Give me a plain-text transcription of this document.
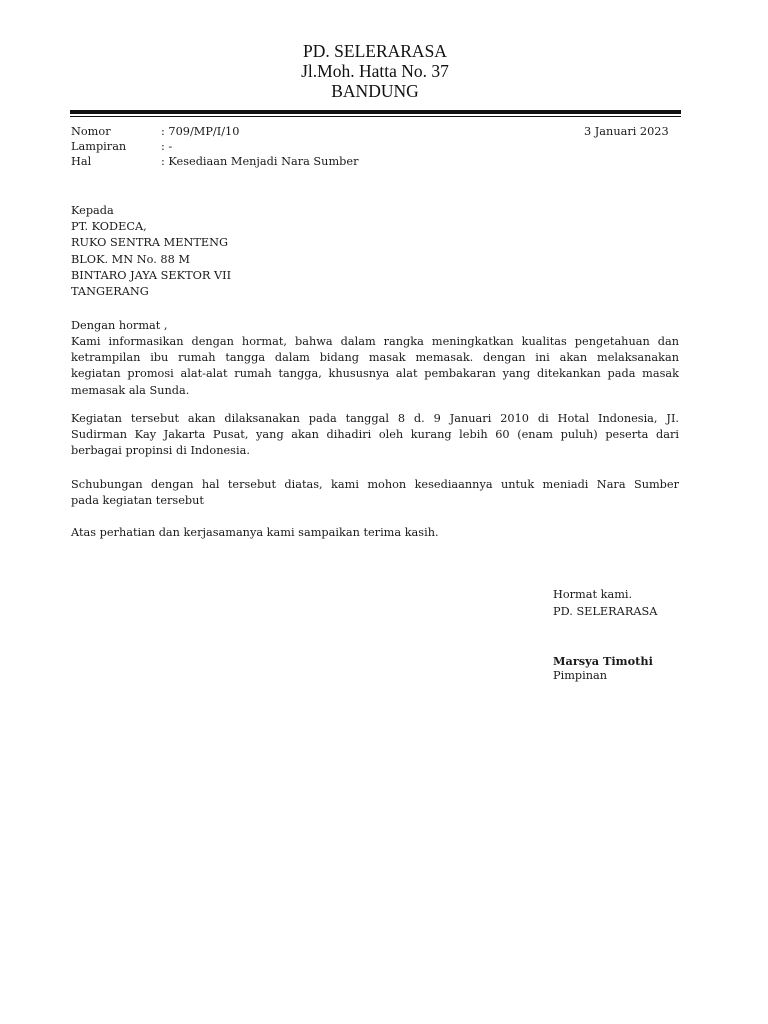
PD. SELERARASA
Jl.Moh. Hatta No. 37
BANDUNG
Nomor	: 709/MP/I/10
Lampiran	: -
Hal	: Kesediaan Menjadi Nara Sumber
3 Januari 2023
Kepada
PT. KODECA,
RUKO SENTRA MENTENG
BLOK. MN No. 88 M
BINTARO JAYA SEKTOR VII
TANGERANG
Dengan hormat ,
Kami informasikan dengan hormat, bahwa dalam rangka meningkatkan kualitas pengetahuan dan
ketrampilan ibu rumah tangga dalam bidang masak memasak. dengan ini akan melaksanakan
kegiatan promosi alat-alat rumah tangga, khususnya alat pembakaran yang ditekankan pada masak
memasak ala Sunda.
Kegiatan tersebut akan dilaksanakan pada tanggal 8 d. 9 Januari 2010 di Hotal Indonesia, JI.
Sudirman Kay Jakarta Pusat, yang akan dihadiri oleh kurang lebih 60 (enam puluh) peserta dari
berbagai propinsi di Indonesia.
Schubungan dengan hal tersebut diatas, kami mohon kesediaannya untuk meniadi Nara Sumber
pada kegiatan tersebut
Atas perhatian dan kerjasamanya kami sampaikan terima kasih.
Hormat kami.
PD. SELERARASA
Marsya Timothi
Pimpinan
